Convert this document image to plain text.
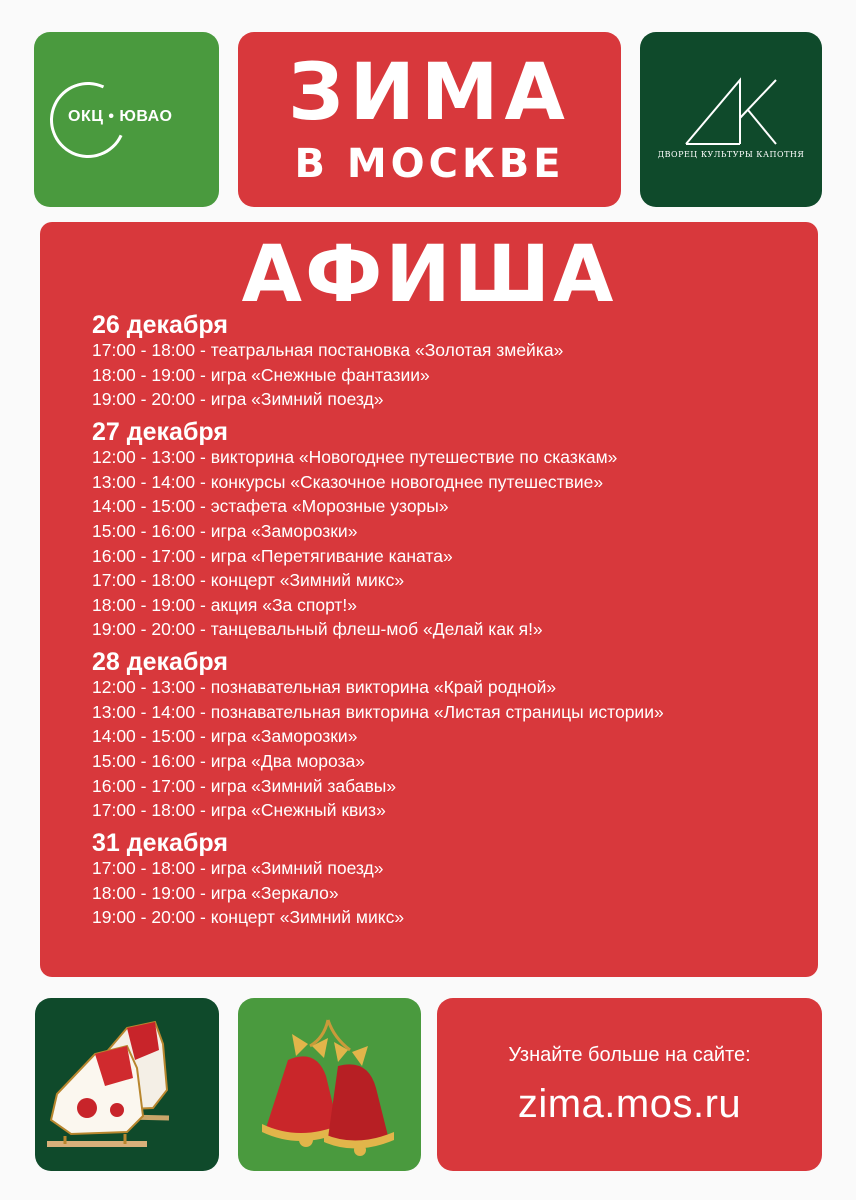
ОКЦ • ЮВАО	ЗИМА
В МОСКВЕ	ДВОРЕЦ КУЛЬТУРЫ КАПОТНЯ
АФИША
26 декабря
17:00 - 18:00 - театральная постановка «Золотая змейка»
18:00 - 19:00 - игра «Снежные фантазии»
19:00 - 20:00 - игра «Зимний поезд»
27 декабря
12:00 - 13:00 - викторина «Новогоднее путешествие по сказкам»
13:00 - 14:00 - конкурсы «Сказочное новогоднее путешествие»
14:00 - 15:00 - эстафета «Морозные узоры»
15:00 - 16:00 - игра «Заморозки»
16:00 - 17:00 - игра «Перетягивание каната»
17:00 - 18:00 - концерт «Зимний микс»
18:00 - 19:00 - акция «За спорт!»
19:00 - 20:00 - танцевальный флеш-моб «Делай как я!»
28 декабря
12:00 - 13:00 - познавательная викторина «Край родной»
13:00 - 14:00 - познавательная викторина «Листая страницы истории»
14:00 - 15:00 - игра «Заморозки»
15:00 - 16:00 - игра «Два мороза»
16:00 - 17:00 - игра «Зимний забавы»
17:00 - 18:00 - игра «Снежный квиз»
31 декабря
17:00 - 18:00 - игра «Зимний поезд»
18:00 - 19:00 - игра «Зеркало»
19:00 - 20:00 - концерт «Зимний микс»
Узнайте больше на сайте:
zima.mos.ru
